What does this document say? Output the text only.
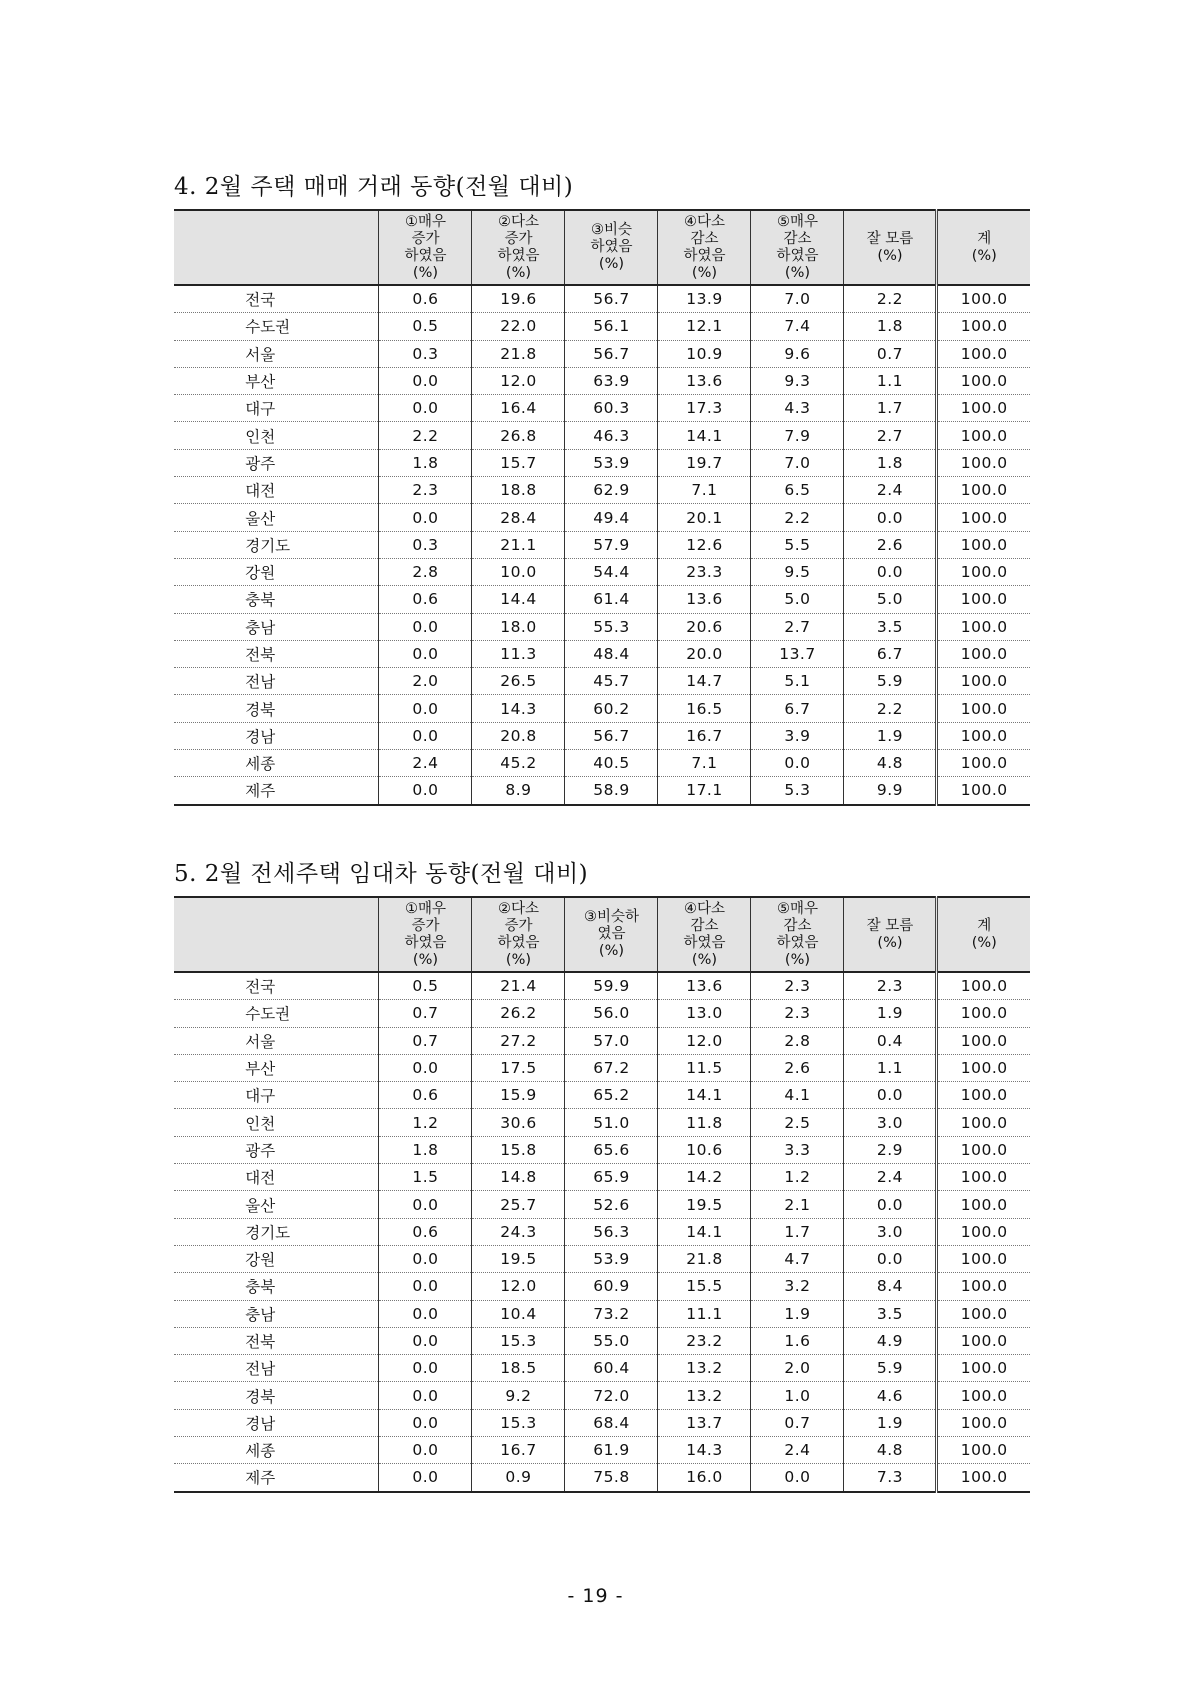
4. 2월 주택 매매 거래 동향(전월 대비)
	①매우
증가
하였음
(%)	②다소
증가
하였음
(%)	③비슷
하였음
(%)	④다소
감소
하였음
(%)	⑤매우
감소
하였음
(%)	잘 모름
(%)	계
(%)
전국	0.6	19.6	56.7	13.9	7.0	2.2	100.0
수도권	0.5	22.0	56.1	12.1	7.4	1.8	100.0
서울	0.3	21.8	56.7	10.9	9.6	0.7	100.0
부산	0.0	12.0	63.9	13.6	9.3	1.1	100.0
대구	0.0	16.4	60.3	17.3	4.3	1.7	100.0
인천	2.2	26.8	46.3	14.1	7.9	2.7	100.0
광주	1.8	15.7	53.9	19.7	7.0	1.8	100.0
대전	2.3	18.8	62.9	7.1	6.5	2.4	100.0
울산	0.0	28.4	49.4	20.1	2.2	0.0	100.0
경기도	0.3	21.1	57.9	12.6	5.5	2.6	100.0
강원	2.8	10.0	54.4	23.3	9.5	0.0	100.0
충북	0.6	14.4	61.4	13.6	5.0	5.0	100.0
충남	0.0	18.0	55.3	20.6	2.7	3.5	100.0
전북	0.0	11.3	48.4	20.0	13.7	6.7	100.0
전남	2.0	26.5	45.7	14.7	5.1	5.9	100.0
경북	0.0	14.3	60.2	16.5	6.7	2.2	100.0
경남	0.0	20.8	56.7	16.7	3.9	1.9	100.0
세종	2.4	45.2	40.5	7.1	0.0	4.8	100.0
제주	0.0	8.9	58.9	17.1	5.3	9.9	100.0
5. 2월 전세주택 임대차 동향(전월 대비)
	①매우
증가
하였음
(%)	②다소
증가
하였음
(%)	③비슷하
였음
(%)	④다소
감소
하였음
(%)	⑤매우
감소
하였음
(%)	잘 모름
(%)	계
(%)
전국	0.5	21.4	59.9	13.6	2.3	2.3	100.0
수도권	0.7	26.2	56.0	13.0	2.3	1.9	100.0
서울	0.7	27.2	57.0	12.0	2.8	0.4	100.0
부산	0.0	17.5	67.2	11.5	2.6	1.1	100.0
대구	0.6	15.9	65.2	14.1	4.1	0.0	100.0
인천	1.2	30.6	51.0	11.8	2.5	3.0	100.0
광주	1.8	15.8	65.6	10.6	3.3	2.9	100.0
대전	1.5	14.8	65.9	14.2	1.2	2.4	100.0
울산	0.0	25.7	52.6	19.5	2.1	0.0	100.0
경기도	0.6	24.3	56.3	14.1	1.7	3.0	100.0
강원	0.0	19.5	53.9	21.8	4.7	0.0	100.0
충북	0.0	12.0	60.9	15.5	3.2	8.4	100.0
충남	0.0	10.4	73.2	11.1	1.9	3.5	100.0
전북	0.0	15.3	55.0	23.2	1.6	4.9	100.0
전남	0.0	18.5	60.4	13.2	2.0	5.9	100.0
경북	0.0	9.2	72.0	13.2	1.0	4.6	100.0
경남	0.0	15.3	68.4	13.7	0.7	1.9	100.0
세종	0.0	16.7	61.9	14.3	2.4	4.8	100.0
제주	0.0	0.9	75.8	16.0	0.0	7.3	100.0

- 19 -
